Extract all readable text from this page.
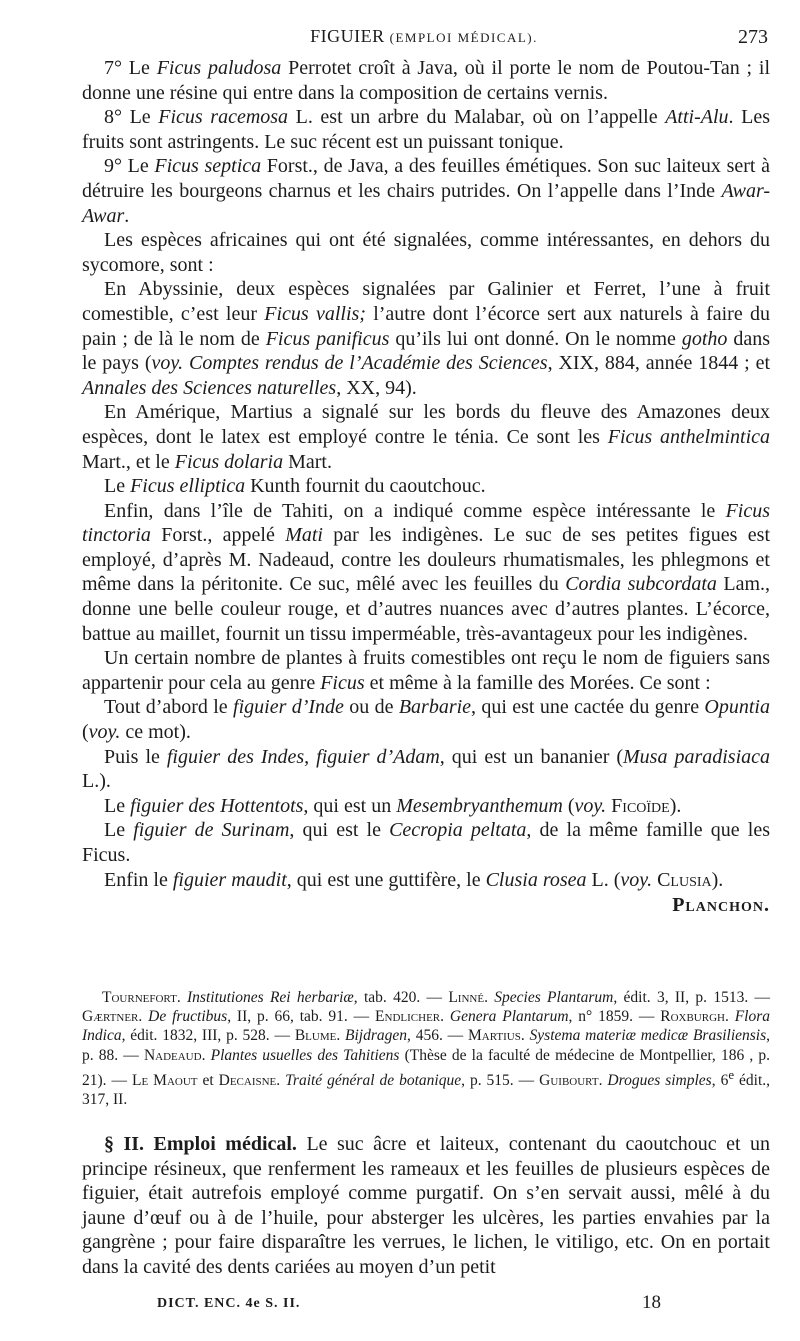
FIGUIER (EMPLOI MÉDICAL).	273

7° Le Ficus paludosa Perrotet croît à Java, où il porte le nom de Poutou-Tan ; il donne une résine qui entre dans la composition de certains vernis.

8° Le Ficus racemosa L. est un arbre du Malabar, où on l’appelle Atti-Alu. Les fruits sont astringents. Le suc récent est un puissant tonique.

9° Le Ficus septica Forst., de Java, a des feuilles émétiques. Son suc laiteux sert à détruire les bourgeons charnus et les chairs putrides. On l’appelle dans l’Inde Awar-Awar.

Les espèces africaines qui ont été signalées, comme intéressantes, en dehors du sycomore, sont :

En Abyssinie, deux espèces signalées par Galinier et Ferret, l’une à fruit comestible, c’est leur Ficus vallis; l’autre dont l’écorce sert aux naturels à faire du pain ; de là le nom de Ficus panificus qu’ils lui ont donné. On le nomme gotho dans le pays (voy. Comptes rendus de l’Académie des Sciences, XIX, 884, année 1844 ; et Annales des Sciences naturelles, XX, 94).

En Amérique, Martius a signalé sur les bords du fleuve des Amazones deux espèces, dont le latex est employé contre le ténia. Ce sont les Ficus anthelmintica Mart., et le Ficus dolaria Mart.

Le Ficus elliptica Kunth fournit du caoutchouc.

Enfin, dans l’île de Tahiti, on a indiqué comme espèce intéressante le Ficus tinctoria Forst., appelé Mati par les indigènes. Le suc de ses petites figues est employé, d’après M. Nadeaud, contre les douleurs rhumatismales, les phlegmons et même dans la péritonite. Ce suc, mêlé avec les feuilles du Cordia subcordata Lam., donne une belle couleur rouge, et d’autres nuances avec d’autres plantes. L’écorce, battue au maillet, fournit un tissu imperméable, très-avantageux pour les indigènes.

Un certain nombre de plantes à fruits comestibles ont reçu le nom de figuiers sans appartenir pour cela au genre Ficus et même à la famille des Morées. Ce sont :

Tout d’abord le figuier d’Inde ou de Barbarie, qui est une cactée du genre Opuntia (voy. ce mot).

Puis le figuier des Indes, figuier d’Adam, qui est un bananier (Musa paradisiaca L.).

Le figuier des Hottentots, qui est un Mesembryanthemum (voy. Ficoïde).

Le figuier de Surinam, qui est le Cecropia peltata, de la même famille que les Ficus.

Enfin le figuier maudit, qui est une guttifère, le Clusia rosea L. (voy. Clusia).

Planchon.

Tournefort. Institutiones Rei herbariæ, tab. 420. — Linné. Species Plantarum, édit. 3, II, p. 1513. — Gærtner. De fructibus, II, p. 66, tab. 91. — Endlicher. Genera Plantarum, n° 1859. — Roxburgh. Flora Indica, édit. 1832, III, p. 528. — Blume. Bijdragen, 456. — Martius. Systema materiæ medicæ Brasiliensis, p. 88. — Nadeaud. Plantes usuelles des Tahitiens (Thèse de la faculté de médecine de Montpellier, 186 , p. 21). — Le Maout et Decaisne. Traité général de botanique, p. 515. — Guibourt. Drogues simples, 6e édit., 317, II.
§ II. Emploi médical. Le suc âcre et laiteux, contenant du caoutchouc et un principe résineux, que renferment les rameaux et les feuilles de plusieurs espèces de figuier, était autrefois employé comme purgatif. On s’en servait aussi, mêlé à du jaune d’œuf ou à de l’huile, pour absterger les ulcères, les parties envahies par la gangrène ; pour faire disparaître les verrues, le lichen, le vitiligo, etc. On en portait dans la cavité des dents cariées au moyen d’un petit
DICT. ENC. 4e S. II.	18
